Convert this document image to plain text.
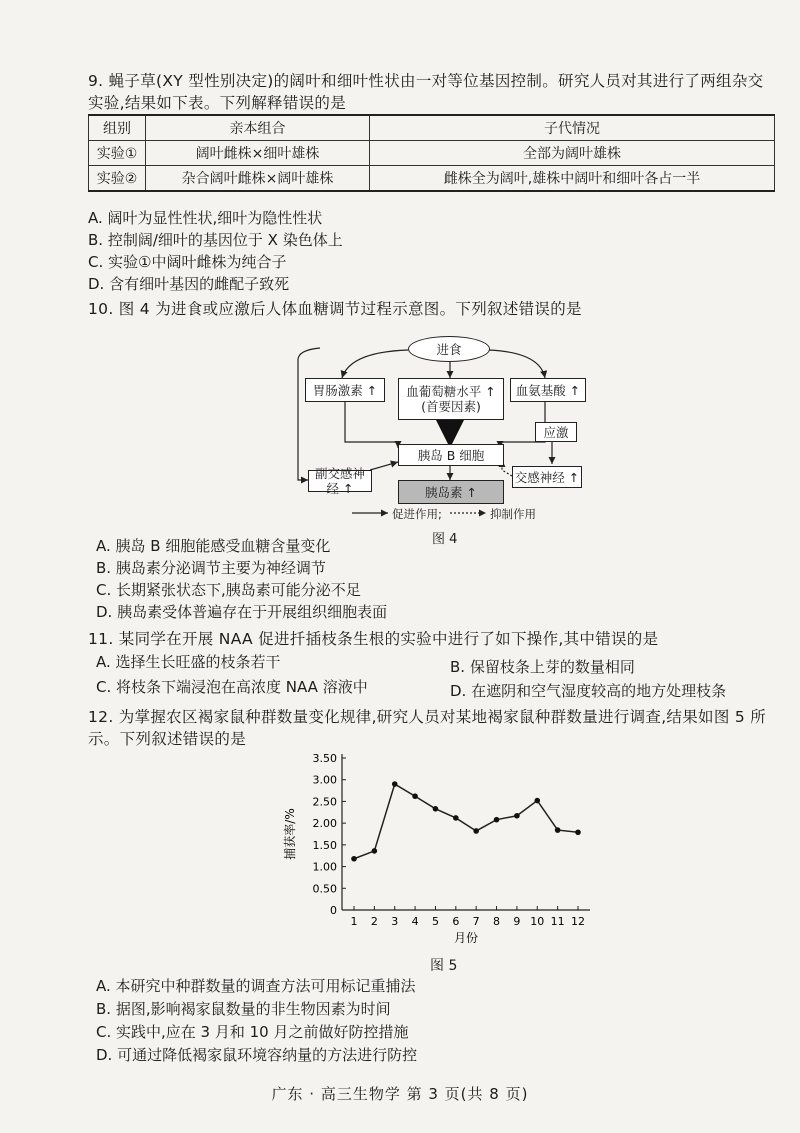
9. 蝇子草(XY 型性别决定)的阔叶和细叶性状由一对等位基因控制。研究人员对其进行了两组杂交
实验,结果如下表。下列解释错误的是
组别	亲本组合	子代情况
实验①	阔叶雌株×细叶雄株	全部为阔叶雄株
实验②	杂合阔叶雌株×阔叶雄株	雌株全为阔叶,雄株中阔叶和细叶各占一半
A. 阔叶为显性性状,细叶为隐性性状
B. 控制阔/细叶的基因位于 X 染色体上
C. 实验①中阔叶雌株为纯合子
D. 含有细叶基因的雌配子致死
10. 图 4 为进食或应激后人体血糖调节过程示意图。下列叙述错误的是
进食
胃肠激素 ↑	血葡萄糖水平 ↑
(首要因素)
血氨基酸 ↑
胰岛 B 细胞
应激
副交感神经 ↑
交感神经 ↑
胰岛素 ↑
促进作用;	抑制作用
图 4
A. 胰岛 B 细胞能感受血糖含量变化
B. 胰岛素分泌调节主要为神经调节
C. 长期紧张状态下,胰岛素可能分泌不足
D. 胰岛素受体普遍存在于开展组织细胞表面
11. 某同学在开展 NAA 促进扦插枝条生根的实验中进行了如下操作,其中错误的是
A. 选择生长旺盛的枝条若干	B. 保留枝条上芽的数量相同
C. 将枝条下端浸泡在高浓度 NAA 溶液中	D. 在遮阴和空气湿度较高的地方处理枝条
12. 为掌握农区褐家鼠种群数量变化规律,研究人员对某地褐家鼠种群数量进行调查,结果如图 5 所
示。下列叙述错误的是
0
0.50
1.00
1.50
2.00
2.50
3.00
3.50
1 2 3 4 5 6 7 8 9 10 11 12
捕获率/%
月份
图 5
A. 本研究中种群数量的调查方法可用标记重捕法
B. 据图,影响褐家鼠数量的非生物因素为时间
C. 实践中,应在 3 月和 10 月之前做好防控措施
D. 可通过降低褐家鼠环境容纳量的方法进行防控
广东 · 高三生物学 第 3 页(共 8 页)
